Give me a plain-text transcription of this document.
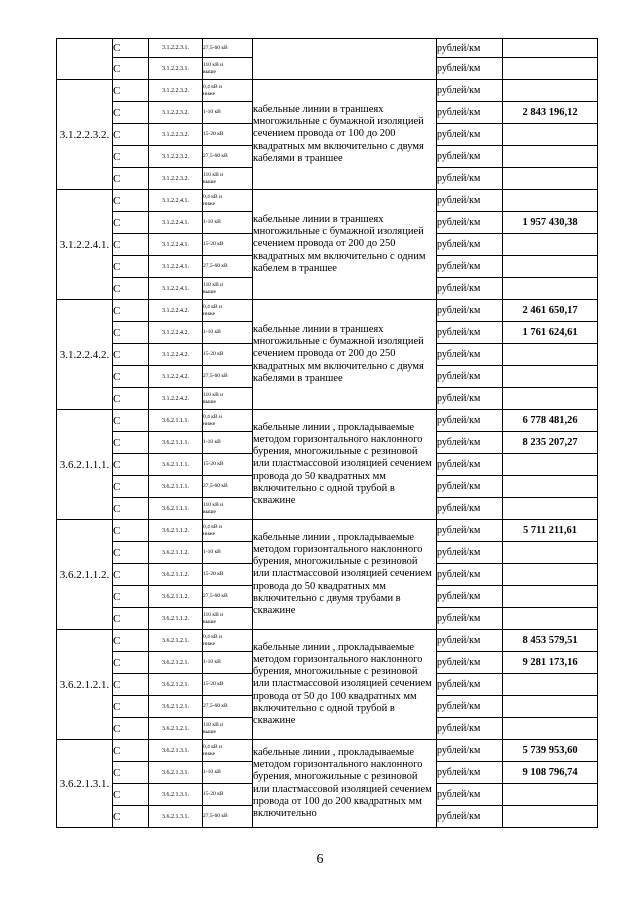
	С	3.1.2.2.3.1.	27,5-60 кВ		рублей/км	
	С	3.1.2.2.3.1.	110 кВ и
выше		рублей/км	
3.1.2.2.3.2.	С	3.1.2.2.3.2.	0,4 кВ и
ниже	кабельные линии в траншеях многожильные с бумажной изоляцией сечением провода от 100 до 200 квадратных мм включительно с двумя кабелями в траншее	рублей/км	
	С	3.1.2.2.3.2.	1-10 кВ		рублей/км	2 843 196,12
	С	3.1.2.2.3.2.	15-20 кВ		рублей/км	
	С	3.1.2.2.3.2.	27,5-60 кВ		рублей/км	
	С	3.1.2.2.3.2.	110 кВ и
выше		рублей/км	
3.1.2.2.4.1.	С	3.1.2.2.4.1.	0,4 кВ и
ниже	кабельные линии в траншеях многожильные с бумажной изоляцией сечением провода от 200 до 250 квадратных мм включительно с одним кабелем в траншее	рублей/км	
	С	3.1.2.2.4.1.	1-10 кВ		рублей/км	1 957 430,38
	С	3.1.2.2.4.1.	15-20 кВ		рублей/км	
	С	3.1.2.2.4.1.	27,5-60 кВ		рублей/км	
	С	3.1.2.2.4.1.	110 кВ и
выше		рублей/км	
3.1.2.2.4.2.	С	3.1.2.2.4.2.	0,4 кВ и
ниже	кабельные линии в траншеях многожильные с бумажной изоляцией сечением провода от 200 до 250 квадратных мм включительно с двумя кабелями в траншее	рублей/км	2 461 650,17
	С	3.1.2.2.4.2.	1-10 кВ		рублей/км	1 761 624,61
	С	3.1.2.2.4.2.	15-20 кВ		рублей/км	
	С	3.1.2.2.4.2.	27,5-60 кВ		рублей/км	
	С	3.1.2.2.4.2.	110 кВ и
выше		рублей/км	
3.6.2.1.1.1.	С	3.6.2.1.1.1.	0,4 кВ и
ниже	кабельные линии , прокладываемые методом горизонтального наклонного бурения, многожильные с резиновой или пластмассовой изоляцией сечением провода до 50 квадратных мм включительно с одной трубой в скважине	рублей/км	6 778 481,26
	С	3.6.2.1.1.1.	1-10 кВ		рублей/км	8 235 207,27
	С	3.6.2.1.1.1.	15-20 кВ		рублей/км	
	С	3.6.2.1.1.1.	27,5-60 кВ		рублей/км	
	С	3.6.2.1.1.1.	110 кВ и
выше		рублей/км	
3.6.2.1.1.2.	С	3.6.2.1.1.2.	0,4 кВ и
ниже	кабельные линии , прокладываемые методом горизонтального наклонного бурения, многожильные с резиновой или пластмассовой изоляцией сечением провода до 50 квадратных мм включительно с двумя трубами в скважине	рублей/км	5 711 211,61
	С	3.6.2.1.1.2.	1-10 кВ		рублей/км	
	С	3.6.2.1.1.2.	15-20 кВ		рублей/км	
	С	3.6.2.1.1.2.	27,5-60 кВ		рублей/км	
	С	3.6.2.1.1.2.	110 кВ и
выше		рублей/км	
3.6.2.1.2.1.	С	3.6.2.1.2.1.	0,4 кВ и
ниже	кабельные линии , прокладываемые методом горизонтального наклонного бурения, многожильные с резиновой или пластмассовой изоляцией сечением провода от 50 до 100 квадратных мм включительно с одной трубой в скважине	рублей/км	8 453 579,51
	С	3.6.2.1.2.1.	1-10 кВ		рублей/км	9 281 173,16
	С	3.6.2.1.2.1.	15-20 кВ		рублей/км	
	С	3.6.2.1.2.1.	27,5-60 кВ		рублей/км	
	С	3.6.2.1.2.1.	110 кВ и
выше		рублей/км	
3.6.2.1.3.1.	С	3.6.2.1.3.1.	0,4 кВ и
ниже	кабельные линии , прокладываемые методом горизонтального наклонного бурения, многожильные с резиновой или пластмассовой изоляцией сечением провода от 100 до 200 квадратных мм включительно	рублей/км	5 739 953,60
	С	3.6.2.1.3.1.	1-10 кВ		рублей/км	9 108 796,74
	С	3.6.2.1.3.1.	15-20 кВ		рублей/км	
	С	3.6.2.1.3.1.	27,5-60 кВ		рублей/км	
6
